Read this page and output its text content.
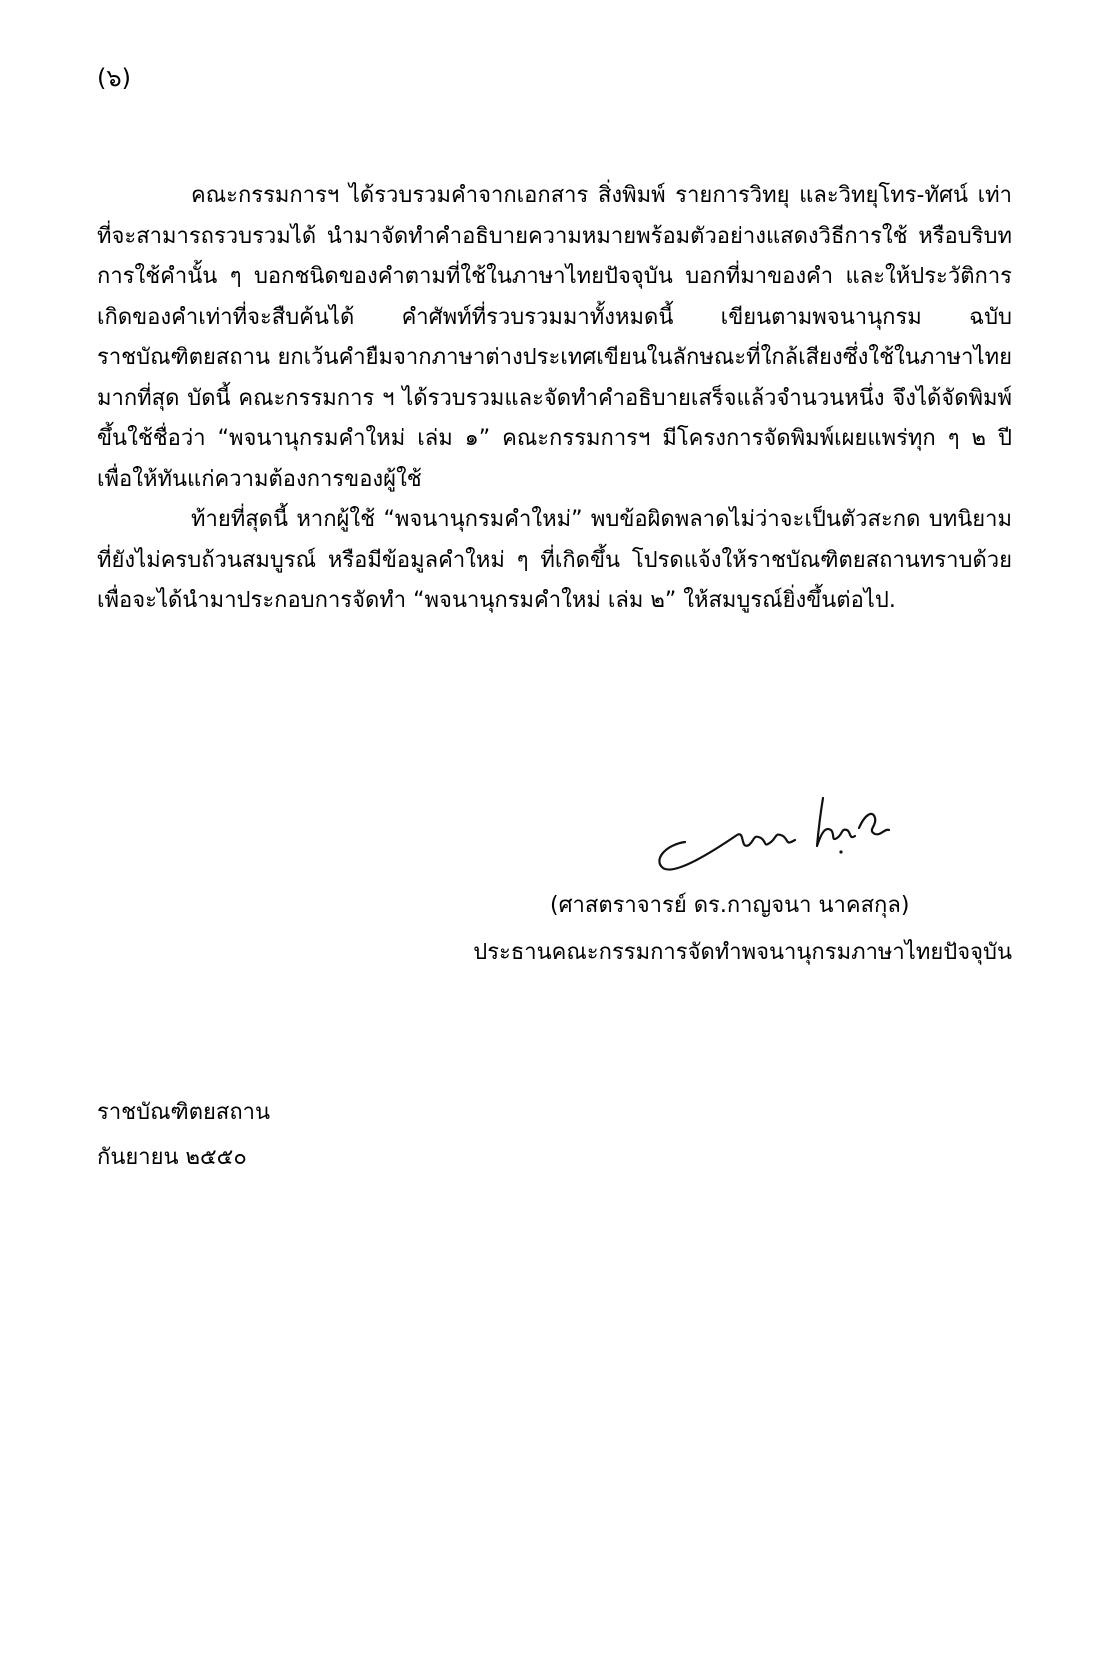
(๖)

คณะกรรมการฯ ได้รวบรวมคำจากเอกสาร สิ่งพิมพ์ รายการวิทยุ และวิทยุโทร-ทัศน์ เท่าที่จะสามารถรวบรวมได้ นำมาจัดทำคำอธิบายความหมายพร้อมตัวอย่างแสดงวิธีการใช้ หรือบริบทการใช้คำนั้น ๆ บอกชนิดของคำตามที่ใช้ในภาษาไทยปัจจุบัน บอกที่มาของคำ และให้ประวัติการเกิดของคำเท่าที่จะสืบค้นได้ คำศัพท์ที่รวบรวมมาทั้งหมดนี้ เขียนตามพจนานุกรม ฉบับราชบัณฑิตยสถาน ยกเว้นคำยืมจากภาษาต่างประเทศเขียนในลักษณะที่ใกล้เสียงซึ่งใช้ในภาษาไทยมากที่สุด บัดนี้ คณะกรรมการ ฯ ได้รวบรวมและจัดทำคำอธิบายเสร็จแล้วจำนวนหนึ่ง จึงได้จัดพิมพ์ขึ้นใช้ชื่อว่า “พจนานุกรมคำใหม่ เล่ม ๑” คณะกรรมการฯ มีโครงการจัดพิมพ์เผยแพร่ทุก ๆ ๒ ปี เพื่อให้ทันแก่ความต้องการของผู้ใช้

ท้ายที่สุดนี้ หากผู้ใช้ “พจนานุกรมคำใหม่” พบข้อผิดพลาดไม่ว่าจะเป็นตัวสะกด บทนิยามที่ยังไม่ครบถ้วนสมบูรณ์ หรือมีข้อมูลคำใหม่ ๆ ที่เกิดขึ้น โปรดแจ้งให้ราชบัณฑิตยสถานทราบด้วย เพื่อจะได้นำมาประกอบการจัดทำ “พจนานุกรมคำใหม่ เล่ม ๒” ให้สมบูรณ์ยิ่งขึ้นต่อไป.

(ศาสตราจารย์ ดร.กาญจนา นาคสกุล)

ประธานคณะกรรมการจัดทำพจนานุกรมภาษาไทยปัจจุบัน

ราชบัณฑิตยสถาน

กันยายน ๒๕๕๐
